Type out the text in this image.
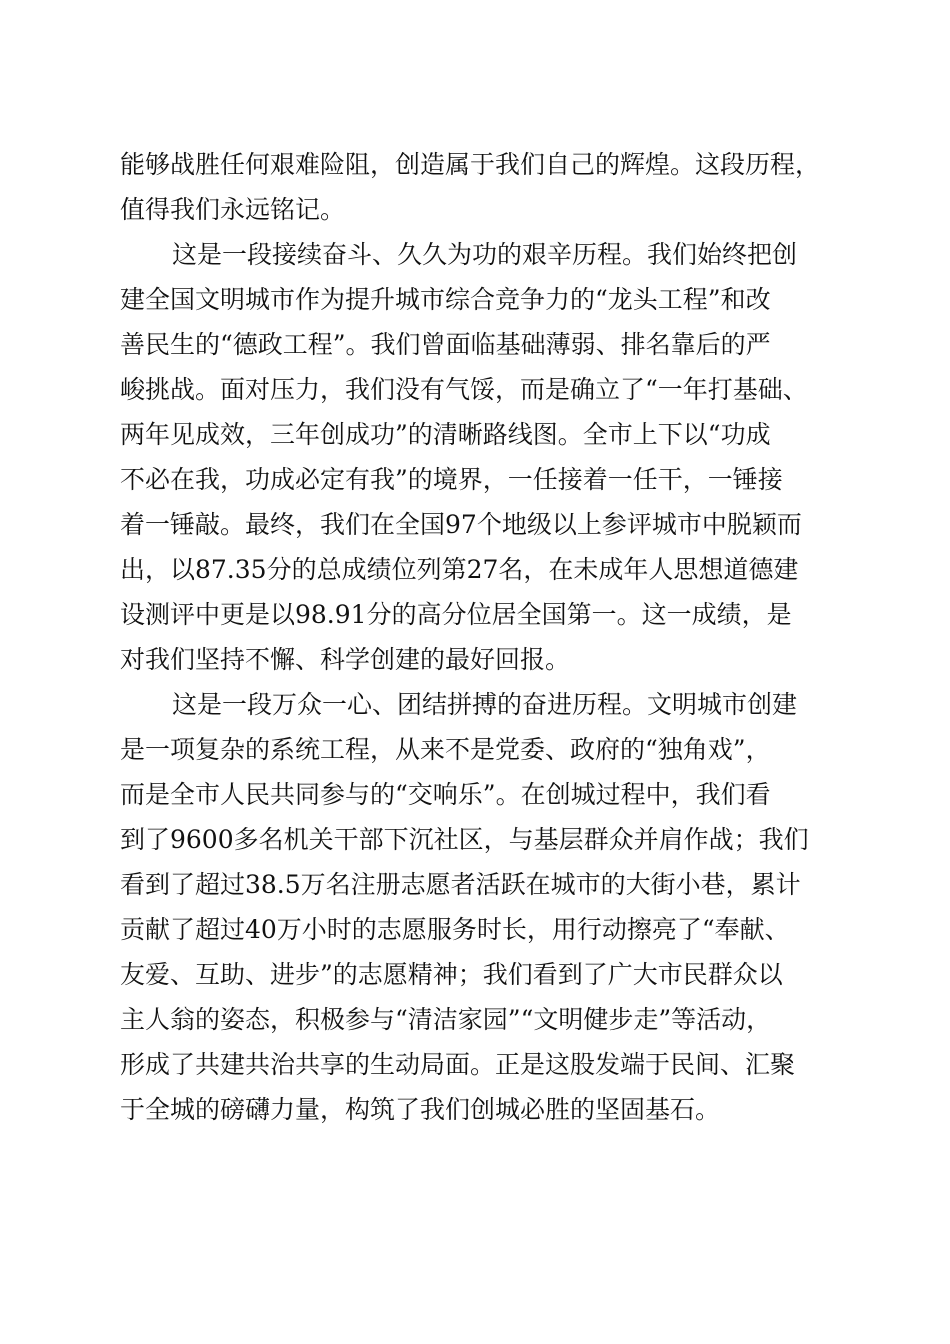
能够战胜任何艰难险阻，创造属于我们自己的辉煌。这段历程，
值得我们永远铭记。
这是一段接续奋斗、久久为功的艰辛历程。我们始终把创
建全国文明城市作为提升城市综合竞争力的“龙头工程”和改
善民生的“德政工程”。我们曾面临基础薄弱、排名靠后的严
峻挑战。面对压力，我们没有气馁，而是确立了“一年打基础、
两年见成效，三年创成功”的清晰路线图。全市上下以“功成
不必在我，功成必定有我”的境界，一任接着一任干，一锤接
着一锤敲。最终，我们在全国97个地级以上参评城市中脱颖而
出，以87.35分的总成绩位列第27名，在未成年人思想道德建
设测评中更是以98.91分的高分位居全国第一。这一成绩，是
对我们坚持不懈、科学创建的最好回报。
这是一段万众一心、团结拼搏的奋进历程。文明城市创建
是一项复杂的系统工程，从来不是党委、政府的“独角戏”，
而是全市人民共同参与的“交响乐”。在创城过程中，我们看
到了9600多名机关干部下沉社区，与基层群众并肩作战；我们
看到了超过38.5万名注册志愿者活跃在城市的大街小巷，累计
贡献了超过40万小时的志愿服务时长，用行动擦亮了“奉献、
友爱、互助、进步”的志愿精神；我们看到了广大市民群众以
主人翁的姿态，积极参与“清洁家园”“文明健步走”等活动，
形成了共建共治共享的生动局面。正是这股发端于民间、汇聚
于全城的磅礴力量，构筑了我们创城必胜的坚固基石。
